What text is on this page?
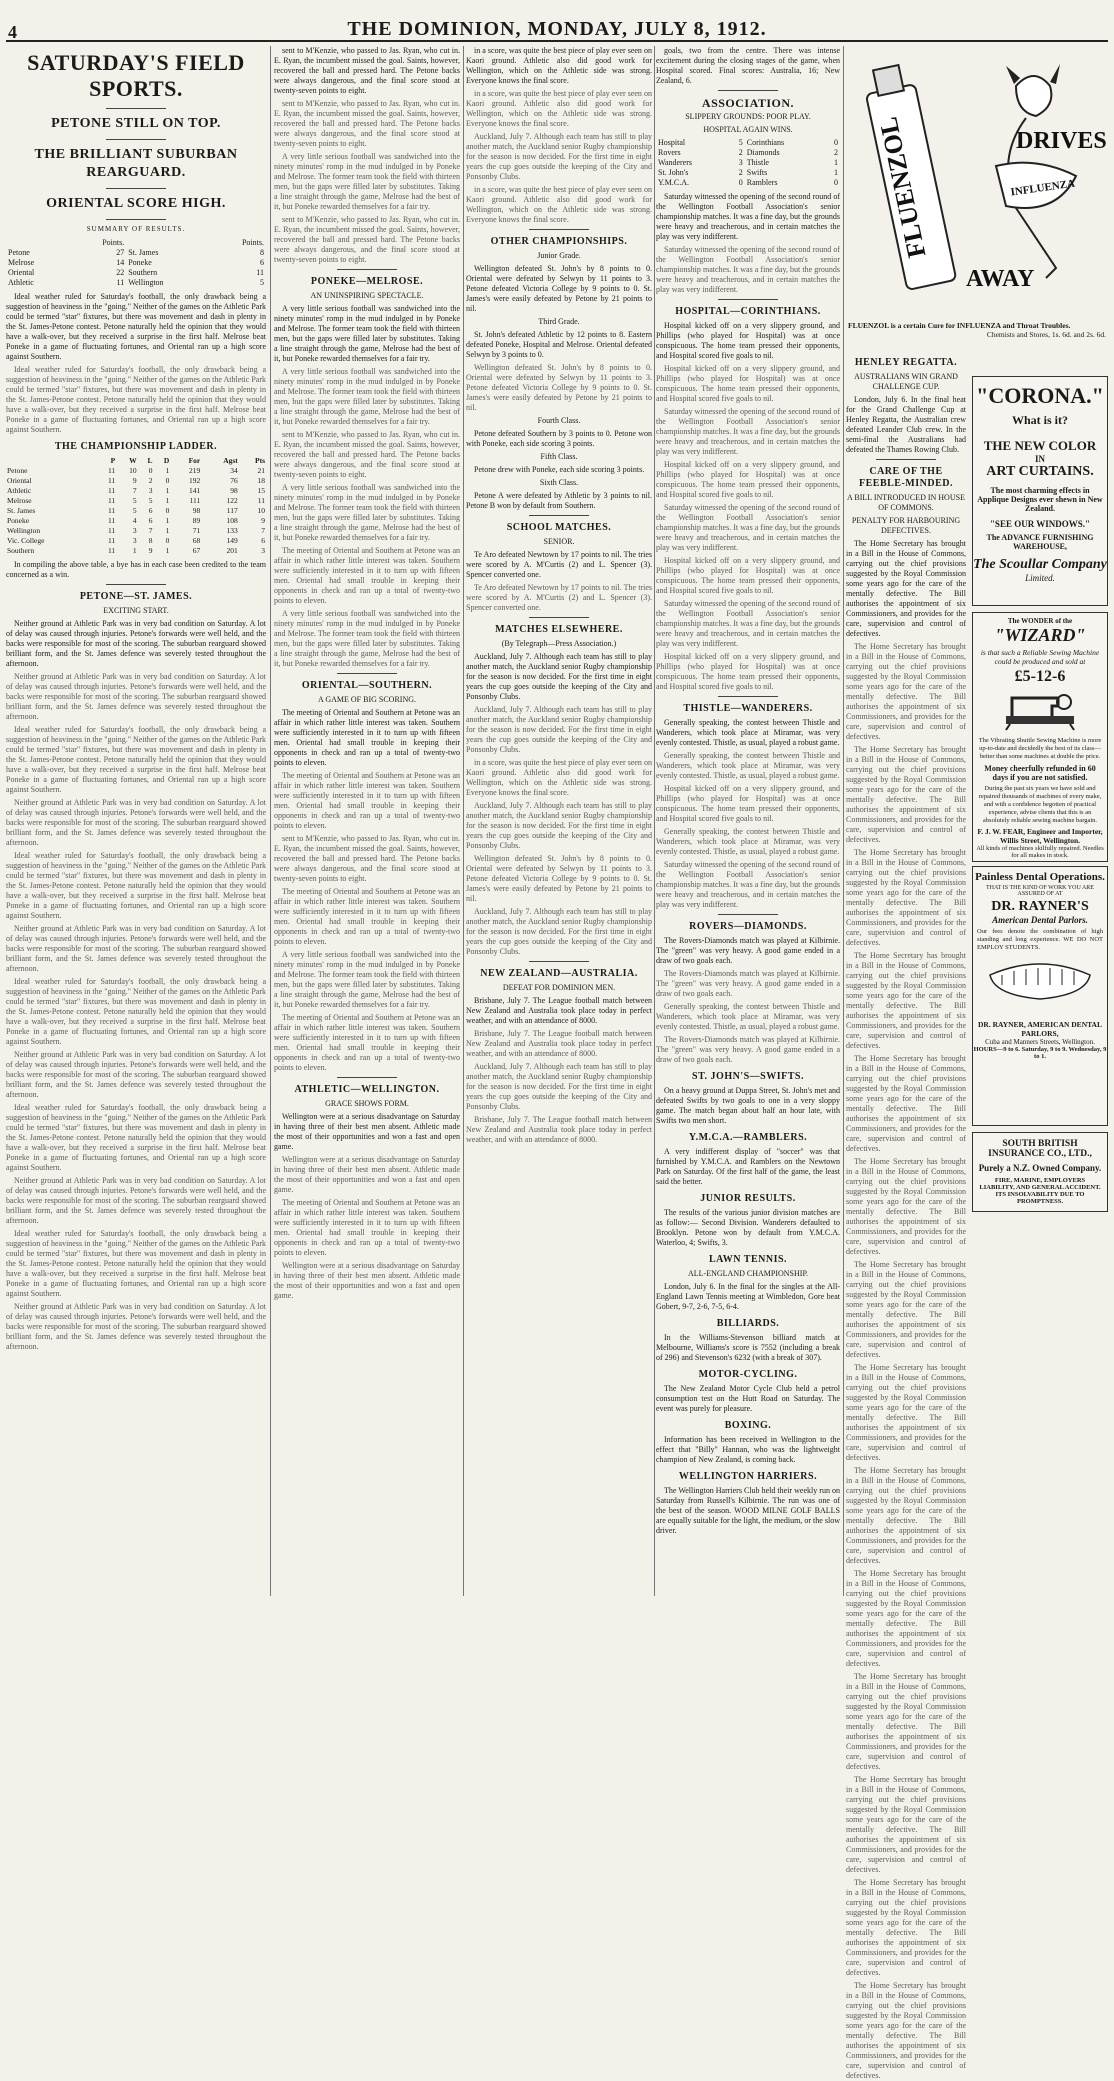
4	THE DOMINION, MONDAY, JULY 8, 1912.
SATURDAY'S FIELD SPORTS.
PETONE STILL ON TOP.
THE BRILLIANT SUBURBAN REARGUARD.
ORIENTAL SCORE HIGH.
SUMMARY OF RESULTS.
	Points.		Points.
Petone	27	St. James	8
Melrose	14	Poneke	6
Oriental	22	Southern	11
Athletic	11	Wellington	5

Ideal weather ruled for Saturday's football, the only drawback being a suggestion of heaviness in the "going." Neither of the games on the Athletic Park could be termed "star" fixtures, but there was movement and dash in plenty in the St. James-Petone contest. Petone naturally held the opinion that they would have a walk-over, but they received a surprise in the first half. Melrose beat Poneke in a game of fluctuating fortunes, and Oriental ran up a high score against Southern.

Ideal weather ruled for Saturday's football, the only drawback being a suggestion of heaviness in the "going." Neither of the games on the Athletic Park could be termed "star" fixtures, but there was movement and dash in plenty in the St. James-Petone contest. Petone naturally held the opinion that they would have a walk-over, but they received a surprise in the first half. Melrose beat Poneke in a game of fluctuating fortunes, and Oriental ran up a high score against Southern.

THE CHAMPIONSHIP LADDER.
	P	W	L	D	For	Agst	Pts
Petone	11	10	0	1	219	34	21
Oriental	11	9	2	0	192	76	18
Athletic	11	7	3	1	141	98	15
Melrose	11	5	5	1	111	122	11
St. James	11	5	6	0	98	117	10
Poneke	11	4	6	1	89	108	9
Wellington	11	3	7	1	71	133	7
Vic. College	11	3	8	0	68	149	6
Southern	11	1	9	1	67	201	3

In compiling the above table, a bye has in each case been credited to the team concerned as a win.

PETONE—ST. JAMES.
EXCITING START.

Neither ground at Athletic Park was in very bad condition on Saturday. A lot of delay was caused through injuries. Petone's forwards were well held, and the backs were responsible for most of the scoring. The suburban rearguard showed brilliant form, and the St. James defence was severely tested throughout the afternoon.

Neither ground at Athletic Park was in very bad condition on Saturday. A lot of delay was caused through injuries. Petone's forwards were well held, and the backs were responsible for most of the scoring. The suburban rearguard showed brilliant form, and the St. James defence was severely tested throughout the afternoon.

Ideal weather ruled for Saturday's football, the only drawback being a suggestion of heaviness in the "going." Neither of the games on the Athletic Park could be termed "star" fixtures, but there was movement and dash in plenty in the St. James-Petone contest. Petone naturally held the opinion that they would have a walk-over, but they received a surprise in the first half. Melrose beat Poneke in a game of fluctuating fortunes, and Oriental ran up a high score against Southern.

Neither ground at Athletic Park was in very bad condition on Saturday. A lot of delay was caused through injuries. Petone's forwards were well held, and the backs were responsible for most of the scoring. The suburban rearguard showed brilliant form, and the St. James defence was severely tested throughout the afternoon.

Ideal weather ruled for Saturday's football, the only drawback being a suggestion of heaviness in the "going." Neither of the games on the Athletic Park could be termed "star" fixtures, but there was movement and dash in plenty in the St. James-Petone contest. Petone naturally held the opinion that they would have a walk-over, but they received a surprise in the first half. Melrose beat Poneke in a game of fluctuating fortunes, and Oriental ran up a high score against Southern.

Neither ground at Athletic Park was in very bad condition on Saturday. A lot of delay was caused through injuries. Petone's forwards were well held, and the backs were responsible for most of the scoring. The suburban rearguard showed brilliant form, and the St. James defence was severely tested throughout the afternoon.

Ideal weather ruled for Saturday's football, the only drawback being a suggestion of heaviness in the "going." Neither of the games on the Athletic Park could be termed "star" fixtures, but there was movement and dash in plenty in the St. James-Petone contest. Petone naturally held the opinion that they would have a walk-over, but they received a surprise in the first half. Melrose beat Poneke in a game of fluctuating fortunes, and Oriental ran up a high score against Southern.

Neither ground at Athletic Park was in very bad condition on Saturday. A lot of delay was caused through injuries. Petone's forwards were well held, and the backs were responsible for most of the scoring. The suburban rearguard showed brilliant form, and the St. James defence was severely tested throughout the afternoon.

Ideal weather ruled for Saturday's football, the only drawback being a suggestion of heaviness in the "going." Neither of the games on the Athletic Park could be termed "star" fixtures, but there was movement and dash in plenty in the St. James-Petone contest. Petone naturally held the opinion that they would have a walk-over, but they received a surprise in the first half. Melrose beat Poneke in a game of fluctuating fortunes, and Oriental ran up a high score against Southern.

Neither ground at Athletic Park was in very bad condition on Saturday. A lot of delay was caused through injuries. Petone's forwards were well held, and the backs were responsible for most of the scoring. The suburban rearguard showed brilliant form, and the St. James defence was severely tested throughout the afternoon.

Ideal weather ruled for Saturday's football, the only drawback being a suggestion of heaviness in the "going." Neither of the games on the Athletic Park could be termed "star" fixtures, but there was movement and dash in plenty in the St. James-Petone contest. Petone naturally held the opinion that they would have a walk-over, but they received a surprise in the first half. Melrose beat Poneke in a game of fluctuating fortunes, and Oriental ran up a high score against Southern.

Neither ground at Athletic Park was in very bad condition on Saturday. A lot of delay was caused through injuries. Petone's forwards were well held, and the backs were responsible for most of the scoring. The suburban rearguard showed brilliant form, and the St. James defence was severely tested throughout the afternoon.

sent to M'Kenzie, who passed to Jas. Ryan, who cut in. E. Ryan, the incumbent missed the goal. Saints, however, recovered the ball and pressed hard. The Petone backs were always dangerous, and the final score stood at twenty-seven points to eight.

sent to M'Kenzie, who passed to Jas. Ryan, who cut in. E. Ryan, the incumbent missed the goal. Saints, however, recovered the ball and pressed hard. The Petone backs were always dangerous, and the final score stood at twenty-seven points to eight.

A very little serious football was sandwiched into the ninety minutes' romp in the mud indulged in by Poneke and Melrose. The former team took the field with thirteen men, but the gaps were filled later by substitutes. Taking a line straight through the game, Melrose had the best of it, but Poneke rewarded themselves for a fair try.

sent to M'Kenzie, who passed to Jas. Ryan, who cut in. E. Ryan, the incumbent missed the goal. Saints, however, recovered the ball and pressed hard. The Petone backs were always dangerous, and the final score stood at twenty-seven points to eight.

PONEKE—MELROSE.
AN UNINSPIRING SPECTACLE.

A very little serious football was sandwiched into the ninety minutes' romp in the mud indulged in by Poneke and Melrose. The former team took the field with thirteen men, but the gaps were filled later by substitutes. Taking a line straight through the game, Melrose had the best of it, but Poneke rewarded themselves for a fair try.

A very little serious football was sandwiched into the ninety minutes' romp in the mud indulged in by Poneke and Melrose. The former team took the field with thirteen men, but the gaps were filled later by substitutes. Taking a line straight through the game, Melrose had the best of it, but Poneke rewarded themselves for a fair try.

sent to M'Kenzie, who passed to Jas. Ryan, who cut in. E. Ryan, the incumbent missed the goal. Saints, however, recovered the ball and pressed hard. The Petone backs were always dangerous, and the final score stood at twenty-seven points to eight.

A very little serious football was sandwiched into the ninety minutes' romp in the mud indulged in by Poneke and Melrose. The former team took the field with thirteen men, but the gaps were filled later by substitutes. Taking a line straight through the game, Melrose had the best of it, but Poneke rewarded themselves for a fair try.

The meeting of Oriental and Southern at Petone was an affair in which rather little interest was taken. Southern were sufficiently interested in it to turn up with fifteen men. Oriental had small trouble in keeping their opponents in check and ran up a total of twenty-two points to eleven.

A very little serious football was sandwiched into the ninety minutes' romp in the mud indulged in by Poneke and Melrose. The former team took the field with thirteen men, but the gaps were filled later by substitutes. Taking a line straight through the game, Melrose had the best of it, but Poneke rewarded themselves for a fair try.

ORIENTAL—SOUTHERN.
A GAME OF BIG SCORING.

The meeting of Oriental and Southern at Petone was an affair in which rather little interest was taken. Southern were sufficiently interested in it to turn up with fifteen men. Oriental had small trouble in keeping their opponents in check and ran up a total of twenty-two points to eleven.

The meeting of Oriental and Southern at Petone was an affair in which rather little interest was taken. Southern were sufficiently interested in it to turn up with fifteen men. Oriental had small trouble in keeping their opponents in check and ran up a total of twenty-two points to eleven.

sent to M'Kenzie, who passed to Jas. Ryan, who cut in. E. Ryan, the incumbent missed the goal. Saints, however, recovered the ball and pressed hard. The Petone backs were always dangerous, and the final score stood at twenty-seven points to eight.

The meeting of Oriental and Southern at Petone was an affair in which rather little interest was taken. Southern were sufficiently interested in it to turn up with fifteen men. Oriental had small trouble in keeping their opponents in check and ran up a total of twenty-two points to eleven.

A very little serious football was sandwiched into the ninety minutes' romp in the mud indulged in by Poneke and Melrose. The former team took the field with thirteen men, but the gaps were filled later by substitutes. Taking a line straight through the game, Melrose had the best of it, but Poneke rewarded themselves for a fair try.

The meeting of Oriental and Southern at Petone was an affair in which rather little interest was taken. Southern were sufficiently interested in it to turn up with fifteen men. Oriental had small trouble in keeping their opponents in check and ran up a total of twenty-two points to eleven.

ATHLETIC—WELLINGTON.
GRACE SHOWS FORM.

Wellington were at a serious disadvantage on Saturday in having three of their best men absent. Athletic made the most of their opportunities and won a fast and open game.

Wellington were at a serious disadvantage on Saturday in having three of their best men absent. Athletic made the most of their opportunities and won a fast and open game.

The meeting of Oriental and Southern at Petone was an affair in which rather little interest was taken. Southern were sufficiently interested in it to turn up with fifteen men. Oriental had small trouble in keeping their opponents in check and ran up a total of twenty-two points to eleven.

Wellington were at a serious disadvantage on Saturday in having three of their best men absent. Athletic made the most of their opportunities and won a fast and open game.

in a score, was quite the best piece of play ever seen on Kaori ground. Athletic also did good work for Wellington, which on the Athletic side was strong. Everyone knows the final score.

in a score, was quite the best piece of play ever seen on Kaori ground. Athletic also did good work for Wellington, which on the Athletic side was strong. Everyone knows the final score.

Auckland, July 7. Although each team has still to play another match, the Auckland senior Rugby championship for the season is now decided. For the first time in eight years the cup goes outside the keeping of the City and Ponsonby Clubs.

in a score, was quite the best piece of play ever seen on Kaori ground. Athletic also did good work for Wellington, which on the Athletic side was strong. Everyone knows the final score.

OTHER CHAMPIONSHIPS.
Junior Grade.

Wellington defeated St. John's by 8 points to 0. Oriental were defeated by Selwyn by 11 points to 3. Petone defeated Victoria College by 9 points to 0. St. James's were easily defeated by Petone by 21 points to nil.

Third Grade.

St. John's defeated Athletic by 12 points to 8. Eastern defeated Poneke, Hospital and Melrose. Oriental defeated Selwyn by 3 points to 0.

Wellington defeated St. John's by 8 points to 0. Oriental were defeated by Selwyn by 11 points to 3. Petone defeated Victoria College by 9 points to 0. St. James's were easily defeated by Petone by 21 points to nil.

Fourth Class.

Petone defeated Southern by 3 points to 0. Petone won with Poneke, each side scoring 3 points.

Fifth Class.

Petone drew with Poneke, each side scoring 3 points.

Sixth Class.

Petone A were defeated by Athletic by 3 points to nil. Petone B won by default from Southern.

SCHOOL MATCHES.
SENIOR.

Te Aro defeated Newtown by 17 points to nil. The tries were scored by A. M'Curtis (2) and L. Spencer (3). Spencer converted one.

Te Aro defeated Newtown by 17 points to nil. The tries were scored by A. M'Curtis (2) and L. Spencer (3). Spencer converted one.

MATCHES ELSEWHERE.
(By Telegraph—Press Association.)

Auckland, July 7. Although each team has still to play another match, the Auckland senior Rugby championship for the season is now decided. For the first time in eight years the cup goes outside the keeping of the City and Ponsonby Clubs.

Auckland, July 7. Although each team has still to play another match, the Auckland senior Rugby championship for the season is now decided. For the first time in eight years the cup goes outside the keeping of the City and Ponsonby Clubs.

in a score, was quite the best piece of play ever seen on Kaori ground. Athletic also did good work for Wellington, which on the Athletic side was strong. Everyone knows the final score.

Auckland, July 7. Although each team has still to play another match, the Auckland senior Rugby championship for the season is now decided. For the first time in eight years the cup goes outside the keeping of the City and Ponsonby Clubs.

Wellington defeated St. John's by 8 points to 0. Oriental were defeated by Selwyn by 11 points to 3. Petone defeated Victoria College by 9 points to 0. St. James's were easily defeated by Petone by 21 points to nil.

Auckland, July 7. Although each team has still to play another match, the Auckland senior Rugby championship for the season is now decided. For the first time in eight years the cup goes outside the keeping of the City and Ponsonby Clubs.

NEW ZEALAND—AUSTRALIA.
DEFEAT FOR DOMINION MEN.

Brisbane, July 7. The League football match between New Zealand and Australia took place today in perfect weather, and with an attendance of 8000.

Brisbane, July 7. The League football match between New Zealand and Australia took place today in perfect weather, and with an attendance of 8000.

Auckland, July 7. Although each team has still to play another match, the Auckland senior Rugby championship for the season is now decided. For the first time in eight years the cup goes outside the keeping of the City and Ponsonby Clubs.

Brisbane, July 7. The League football match between New Zealand and Australia took place today in perfect weather, and with an attendance of 8000.

goals, two from the centre. There was intense excitement during the closing stages of the game, when Hospital scored. Final scores: Australia, 16; New Zealand, 6.

ASSOCIATION.
SLIPPERY GROUNDS: POOR PLAY.
HOSPITAL AGAIN WINS.
Hospital	5	Corinthians	0
Rovers	2	Diamonds	2
Wanderers	3	Thistle	1
St. John's	2	Swifts	1
Y.M.C.A.	0	Ramblers	0

Saturday witnessed the opening of the second round of the Wellington Football Association's senior championship matches. It was a fine day, but the grounds were heavy and treacherous, and in certain matches the play was very indifferent.

Saturday witnessed the opening of the second round of the Wellington Football Association's senior championship matches. It was a fine day, but the grounds were heavy and treacherous, and in certain matches the play was very indifferent.

HOSPITAL—CORINTHIANS.

Hospital kicked off on a very slippery ground, and Phillips (who played for Hospital) was at once conspicuous. The home team pressed their opponents, and Hospital scored five goals to nil.

Hospital kicked off on a very slippery ground, and Phillips (who played for Hospital) was at once conspicuous. The home team pressed their opponents, and Hospital scored five goals to nil.

Saturday witnessed the opening of the second round of the Wellington Football Association's senior championship matches. It was a fine day, but the grounds were heavy and treacherous, and in certain matches the play was very indifferent.

Hospital kicked off on a very slippery ground, and Phillips (who played for Hospital) was at once conspicuous. The home team pressed their opponents, and Hospital scored five goals to nil.

Saturday witnessed the opening of the second round of the Wellington Football Association's senior championship matches. It was a fine day, but the grounds were heavy and treacherous, and in certain matches the play was very indifferent.

Hospital kicked off on a very slippery ground, and Phillips (who played for Hospital) was at once conspicuous. The home team pressed their opponents, and Hospital scored five goals to nil.

Saturday witnessed the opening of the second round of the Wellington Football Association's senior championship matches. It was a fine day, but the grounds were heavy and treacherous, and in certain matches the play was very indifferent.

Hospital kicked off on a very slippery ground, and Phillips (who played for Hospital) was at once conspicuous. The home team pressed their opponents, and Hospital scored five goals to nil.

THISTLE—WANDERERS.

Generally speaking, the contest between Thistle and Wanderers, which took place at Miramar, was very evenly contested. Thistle, as usual, played a robust game.

Generally speaking, the contest between Thistle and Wanderers, which took place at Miramar, was very evenly contested. Thistle, as usual, played a robust game.

Hospital kicked off on a very slippery ground, and Phillips (who played for Hospital) was at once conspicuous. The home team pressed their opponents, and Hospital scored five goals to nil.

Generally speaking, the contest between Thistle and Wanderers, which took place at Miramar, was very evenly contested. Thistle, as usual, played a robust game.

Saturday witnessed the opening of the second round of the Wellington Football Association's senior championship matches. It was a fine day, but the grounds were heavy and treacherous, and in certain matches the play was very indifferent.

ROVERS—DIAMONDS.

The Rovers-Diamonds match was played at Kilbirnie. The "green" was very heavy. A good game ended in a draw of two goals each.

The Rovers-Diamonds match was played at Kilbirnie. The "green" was very heavy. A good game ended in a draw of two goals each.

Generally speaking, the contest between Thistle and Wanderers, which took place at Miramar, was very evenly contested. Thistle, as usual, played a robust game.

The Rovers-Diamonds match was played at Kilbirnie. The "green" was very heavy. A good game ended in a draw of two goals each.

ST. JOHN'S—SWIFTS.

On a heavy ground at Duppa Street, St. John's met and defeated Swifts by two goals to one in a very sloppy game. The match began about half an hour late, with Swifts two men short.

Y.M.C.A.—RAMBLERS.

A very indifferent display of "soccer" was that furnished by Y.M.C.A. and Ramblers on the Newtown Park on Saturday. Of the first half of the game, the least said the better.

JUNIOR RESULTS.

The results of the various junior division matches are as follow:— Second Division. Wanderers defaulted to Brooklyn. Petone won by default from Y.M.C.A. Waterloo, 4; Swifts, 3.

LAWN TENNIS.
ALL-ENGLAND CHAMPIONSHIP.

London, July 6. In the final for the singles at the All-England Lawn Tennis meeting at Wimbledon, Gore beat Gobert, 9-7, 2-6, 7-5, 6-4.

BILLIARDS.

In the Williams-Stevenson billiard match at Melbourne, Williams's score is 7552 (including a break of 296) and Stevenson's 6232 (with a break of 307).

MOTOR-CYCLING.

The New Zealand Motor Cycle Club held a petrol consumption test on the Hutt Road on Saturday. The event was purely for pleasure.

BOXING.

Information has been received in Wellington to the effect that "Billy" Hannan, who was the lightweight champion of New Zealand, is coming back.

WELLINGTON HARRIERS.

The Wellington Harriers Club held their weekly run on Saturday from Russell's Kilbirnie. The run was one of the best of the season. WOOD MILNE GOLF BALLS are equally suitable for the light, the medium, or the slow driver.

FLUENZOL	INFLUENZA
DRIVES
AWAY
FLUENZOL is a certain Cure for INFLUENZA and Throat Troubles.
Chemists and Stores, 1s. 6d. and 2s. 6d.
HENLEY REGATTA.
AUSTRALIANS WIN GRAND CHALLENGE CUP.

London, July 6. In the final heat for the Grand Challenge Cup at Henley Regatta, the Australian crew defeated Leander Club crew. In the semi-final the Australians had defeated the Thames Rowing Club.

CARE OF THE FEEBLE-MINDED.
A BILL INTRODUCED IN HOUSE OF COMMONS.
PENALTY FOR HARBOURING DEFECTIVES.

The Home Secretary has brought in a Bill in the House of Commons, carrying out the chief provisions suggested by the Royal Commission some years ago for the care of the mentally defective. The Bill authorises the appointment of six Commissioners, and provides for the care, supervision and control of defectives.

The Home Secretary has brought in a Bill in the House of Commons, carrying out the chief provisions suggested by the Royal Commission some years ago for the care of the mentally defective. The Bill authorises the appointment of six Commissioners, and provides for the care, supervision and control of defectives.

The Home Secretary has brought in a Bill in the House of Commons, carrying out the chief provisions suggested by the Royal Commission some years ago for the care of the mentally defective. The Bill authorises the appointment of six Commissioners, and provides for the care, supervision and control of defectives.

The Home Secretary has brought in a Bill in the House of Commons, carrying out the chief provisions suggested by the Royal Commission some years ago for the care of the mentally defective. The Bill authorises the appointment of six Commissioners, and provides for the care, supervision and control of defectives.

The Home Secretary has brought in a Bill in the House of Commons, carrying out the chief provisions suggested by the Royal Commission some years ago for the care of the mentally defective. The Bill authorises the appointment of six Commissioners, and provides for the care, supervision and control of defectives.

The Home Secretary has brought in a Bill in the House of Commons, carrying out the chief provisions suggested by the Royal Commission some years ago for the care of the mentally defective. The Bill authorises the appointment of six Commissioners, and provides for the care, supervision and control of defectives.

The Home Secretary has brought in a Bill in the House of Commons, carrying out the chief provisions suggested by the Royal Commission some years ago for the care of the mentally defective. The Bill authorises the appointment of six Commissioners, and provides for the care, supervision and control of defectives.

The Home Secretary has brought in a Bill in the House of Commons, carrying out the chief provisions suggested by the Royal Commission some years ago for the care of the mentally defective. The Bill authorises the appointment of six Commissioners, and provides for the care, supervision and control of defectives.

The Home Secretary has brought in a Bill in the House of Commons, carrying out the chief provisions suggested by the Royal Commission some years ago for the care of the mentally defective. The Bill authorises the appointment of six Commissioners, and provides for the care, supervision and control of defectives.

The Home Secretary has brought in a Bill in the House of Commons, carrying out the chief provisions suggested by the Royal Commission some years ago for the care of the mentally defective. The Bill authorises the appointment of six Commissioners, and provides for the care, supervision and control of defectives.

The Home Secretary has brought in a Bill in the House of Commons, carrying out the chief provisions suggested by the Royal Commission some years ago for the care of the mentally defective. The Bill authorises the appointment of six Commissioners, and provides for the care, supervision and control of defectives.

The Home Secretary has brought in a Bill in the House of Commons, carrying out the chief provisions suggested by the Royal Commission some years ago for the care of the mentally defective. The Bill authorises the appointment of six Commissioners, and provides for the care, supervision and control of defectives.

The Home Secretary has brought in a Bill in the House of Commons, carrying out the chief provisions suggested by the Royal Commission some years ago for the care of the mentally defective. The Bill authorises the appointment of six Commissioners, and provides for the care, supervision and control of defectives.

The Home Secretary has brought in a Bill in the House of Commons, carrying out the chief provisions suggested by the Royal Commission some years ago for the care of the mentally defective. The Bill authorises the appointment of six Commissioners, and provides for the care, supervision and control of defectives.

The Home Secretary has brought in a Bill in the House of Commons, carrying out the chief provisions suggested by the Royal Commission some years ago for the care of the mentally defective. The Bill authorises the appointment of six Commissioners, and provides for the care, supervision and control of defectives.

"CORONA."
What is it?
THE NEW COLOR
IN
ART CURTAINS.
The most charming effects in Applique Designs ever shewn in New Zealand.
"SEE OUR WINDOWS."
The ADVANCE FURNISHING WAREHOUSE,
The Scoullar Company
Limited.
The WONDER of the
"WIZARD"
is that such a Reliable Sewing Machine could be produced and sold at
£5-12-6
The Vibrating Shuttle Sewing Machine is more up-to-date and decidedly the best of its class—better than some machines at double the price.
Money cheerfully refunded in 60 days if you are not satisfied.
During the past six years we have sold and repaired thousands of machines of every make, and with a confidence begotten of practical experience, advise clients that this is an absolutely reliable sewing machine bargain.
F. J. W. FEAR, Engineer and Importer,
Willis Street, Wellington.
All kinds of machines skilfully repaired. Needles for all makes in stock.
Painless Dental Operations.
THAT IS THE KIND OF WORK YOU ARE ASSURED OF AT
DR. RAYNER'S
American Dental Parlors.
Our fees denote the combination of high standing and long experience. WE DO NOT EMPLOY STUDENTS.
DR. RAYNER, AMERICAN DENTAL PARLORS,
Cuba and Manners Streets, Wellington.
HOURS—9 to 6. Saturday, 9 to 9. Wednesday, 9 to 1.
SOUTH BRITISH INSURANCE CO., LTD.,
Purely a N.Z. Owned Company.
FIRE, MARINE, EMPLOYERS LIABILITY, AND GENERAL ACCIDENT. ITS INSOLVABILITY DUE TO PROMPTNESS.
